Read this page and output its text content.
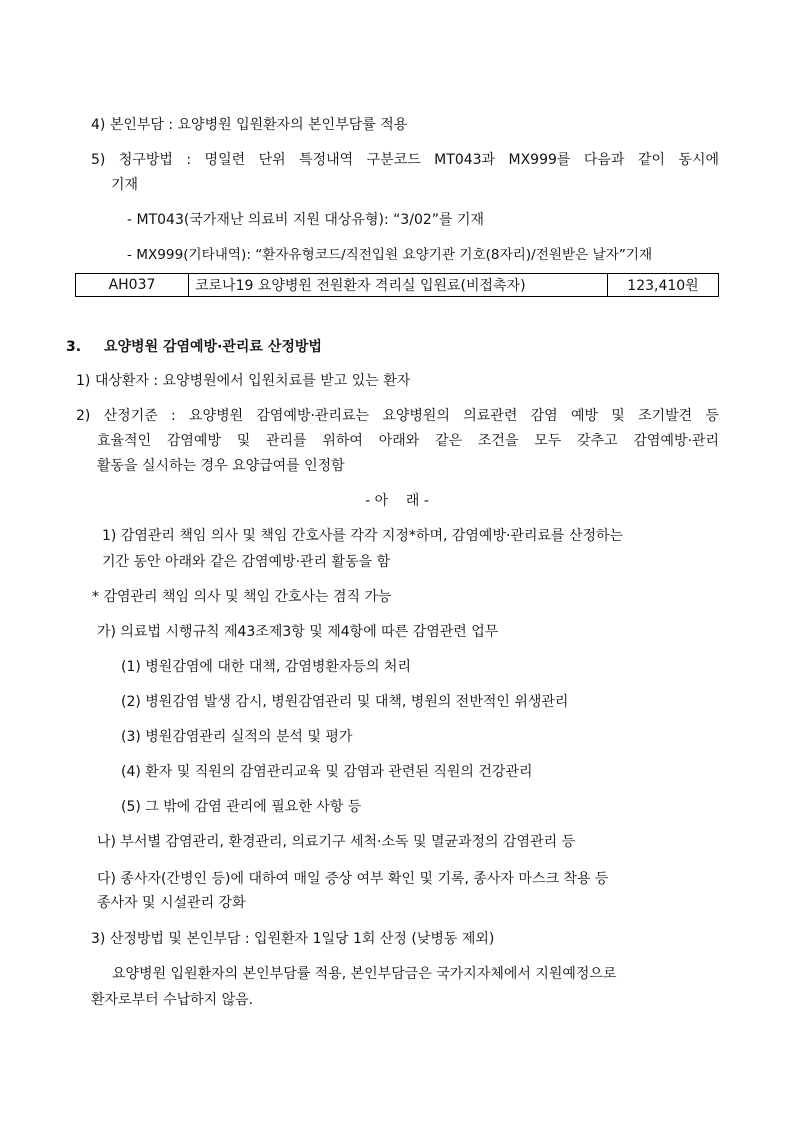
4) 본인부담 : 요양병원 입원환자의 본인부담률 적용
5) 청구방법 : 명일련 단위 특정내역 구분코드 MT043과 MX999를 다음과 같이 동시에
기재
- MT043(국가재난 의료비 지원 대상유형): “3/02”를 기재
- MX999(기타내역): “환자유형코드/직전입원 요양기관 기호(8자리)/전원받은 날자”기재
AH037	코로나19 요양병원 전원환자 격리실 입원료(비접촉자)	123,410원
3. 요양병원 감염예방·관리료 산정방법
1) 대상환자 : 요양병원에서 입원치료를 받고 있는 환자
2) 산정기준 : 요양병원 감염예방·관리료는 요양병원의 의료관련 감염 예방 및 조기발견 등
효율적인 감염예방 및 관리를 위하여 아래와 같은 조건을 모두 갖추고 감염예방·관리
활동을 실시하는 경우 요양급여를 인정함
- 아    래 -
1) 감염관리 책임 의사 및 책임 간호사를 각각 지정*하며, 감염예방·관리료를 산정하는
기간 동안 아래와 같은 감염예방·관리 활동을 함
* 감염관리 책임 의사 및 책임 간호사는 겸직 가능
가) 의료법 시행규칙 제43조제3항 및 제4항에 따른 감염관련 업무
(1) 병원감염에 대한 대책, 감염병환자등의 처리
(2) 병원감염 발생 감시, 병원감염관리 및 대책, 병원의 전반적인 위생관리
(3) 병원감염관리 실적의 분석 및 평가
(4) 환자 및 직원의 감염관리교육 및 감염과 관련된 직원의 건강관리
(5) 그 밖에 감염 관리에 필요한 사항 등
나) 부서별 감염관리, 환경관리, 의료기구 세척·소독 및 멸균과정의 감염관리 등
다) 종사자(간병인 등)에 대하여 매일 증상 여부 확인 및 기록, 종사자 마스크 착용 등
종사자 및 시설관리 강화
3) 산정방법 및 본인부담 : 입원환자 1일당 1회 산정 (낮병동 제외)
요양병원 입원환자의 본인부담률 적용, 본인부담금은 국가지자체에서 지원예정으로
환자로부터 수납하지 않음.
